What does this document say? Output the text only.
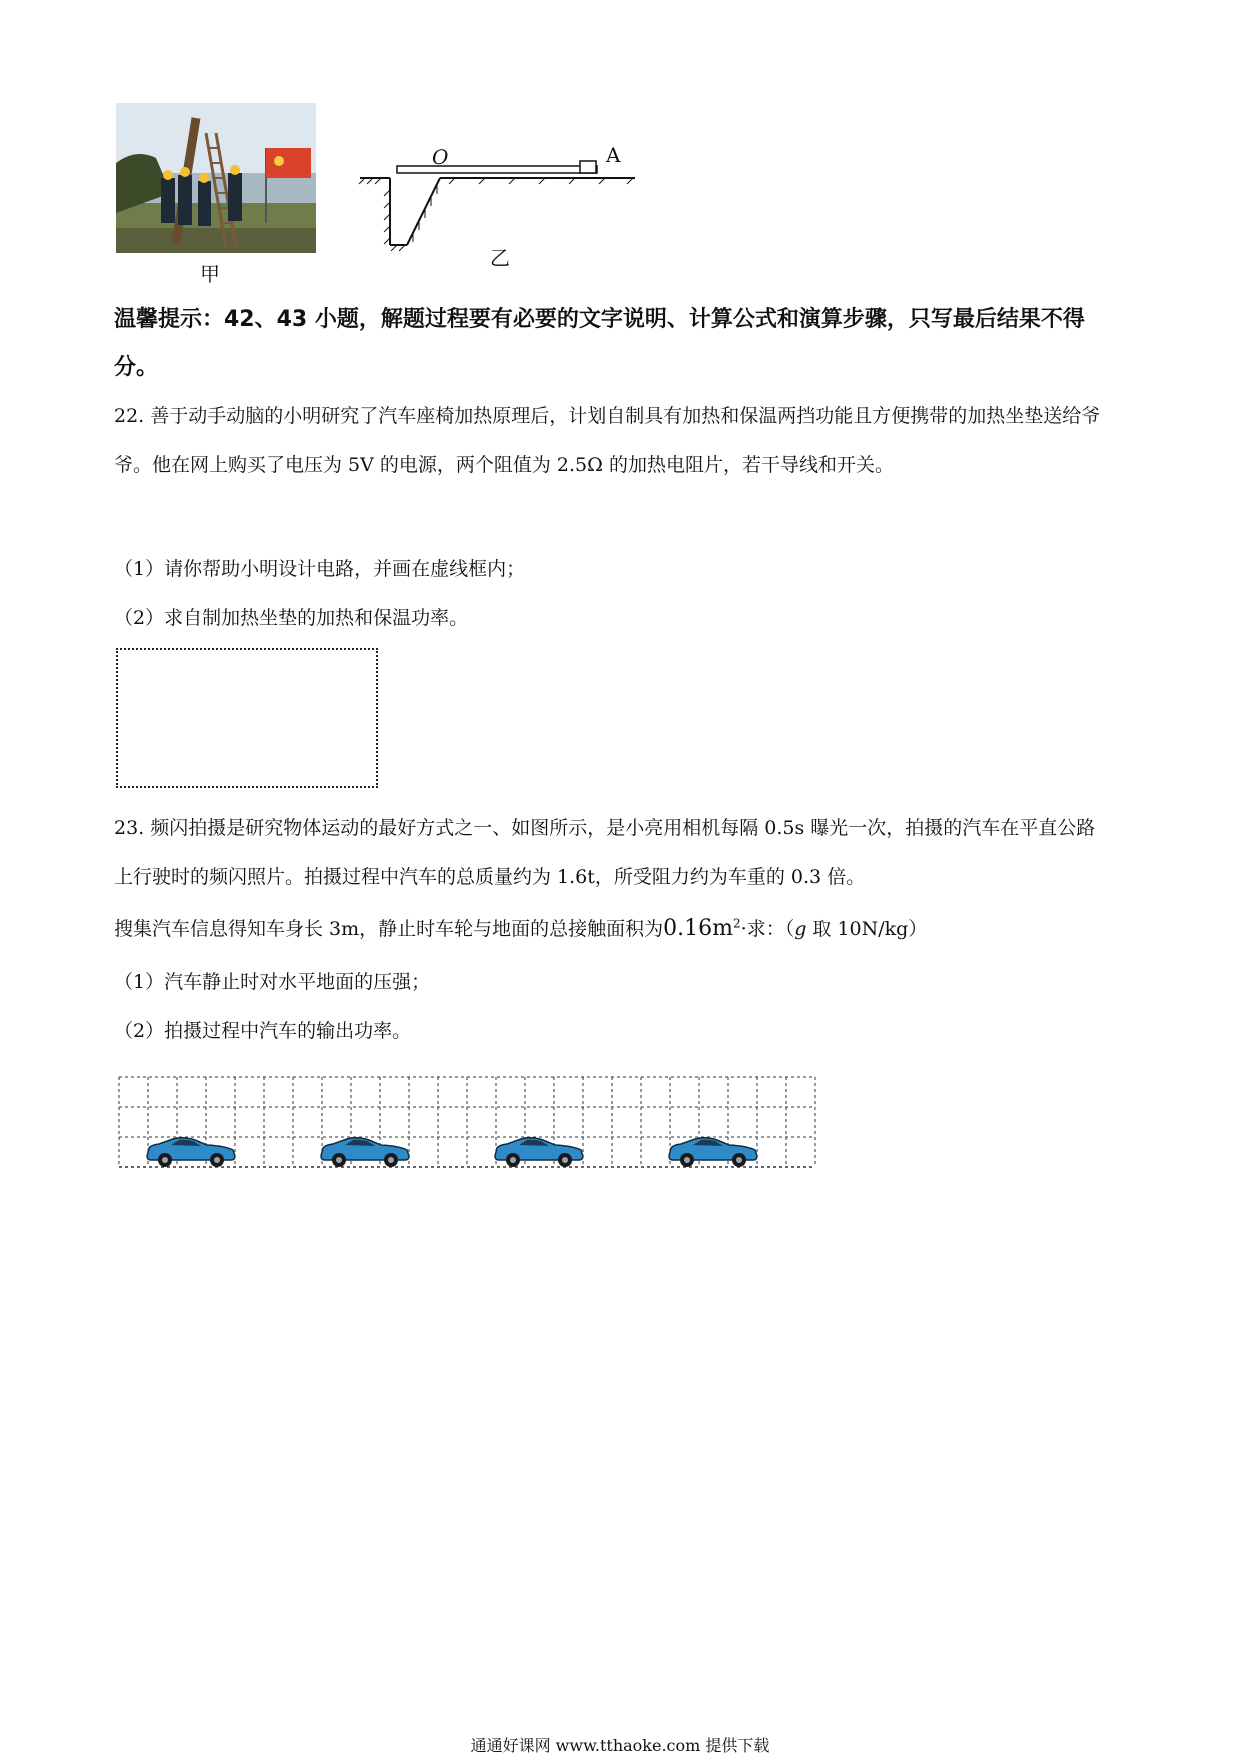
甲
O	A
乙
温馨提示：42、43 小题，解题过程要有必要的文字说明、计算公式和演算步骤，只写最后结果不得分。
22. 善于动手动脑的小明研究了汽车座椅加热原理后，计划自制具有加热和保温两挡功能且方便携带的加热坐垫送给爷爷。他在网上购买了电压为 5V 的电源，两个阻值为 2.5Ω 的加热电阻片，若干导线和开关。
（1）请你帮助小明设计电路，并画在虚线框内；
（2）求自制加热坐垫的加热和保温功率。
23. 频闪拍摄是研究物体运动的最好方式之一、如图所示，是小亮用相机每隔 0.5s 曝光一次，拍摄的汽车在平直公路上行驶时的频闪照片。拍摄过程中汽车的总质量约为 1.6t，所受阻力约为车重的 0.3 倍。
搜集汽车信息得知车身长 3m，静止时车轮与地面的总接触面积为$0.16m^2\cdot$求：（g 取 10N/kg）
（1）汽车静止时对水平地面的压强；
（2）拍摄过程中汽车的输出功率。
通通好课网 www.tthaoke.com 提供下载
